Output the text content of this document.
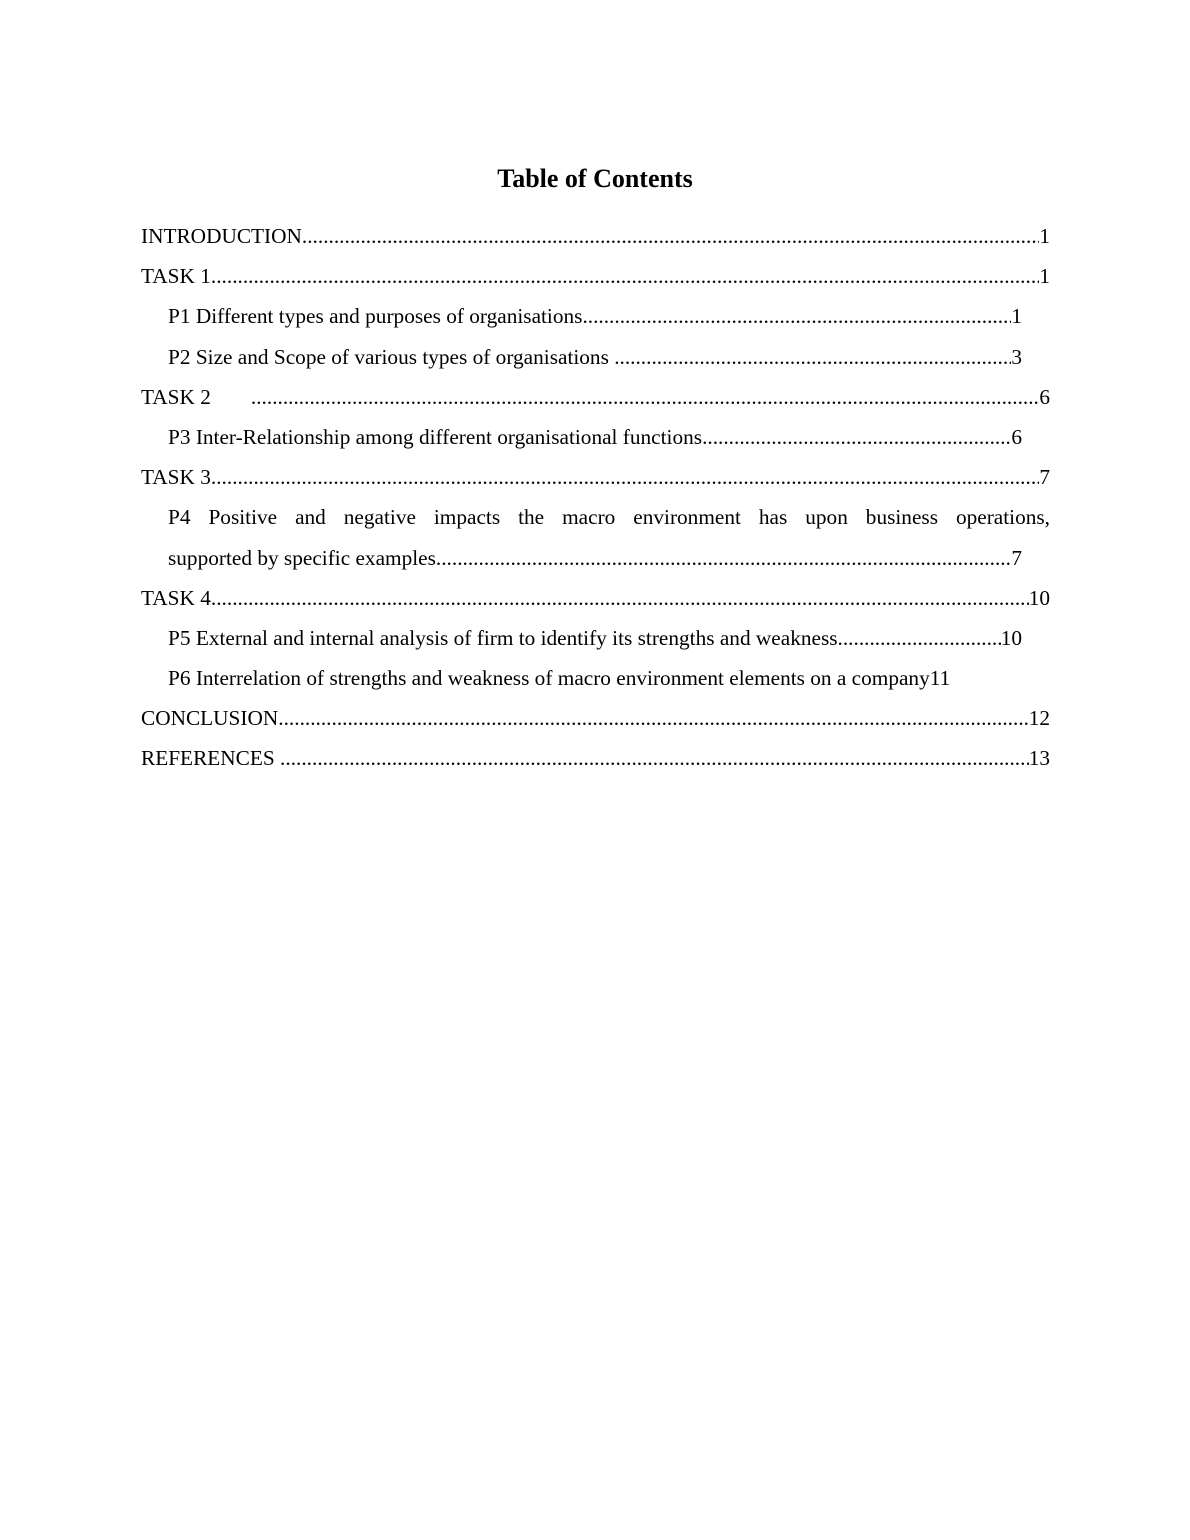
Table of Contents
INTRODUCTION .....	1
TASK 1 .....	1
P1 Different types and purposes of organisations .....	1
P2 Size and Scope of various types of organisations .....	3
TASK 2 .....	6
P3 Inter-Relationship among different organisational functions .....	6
TASK 3 .....	7
P4 Positive and negative impacts the macro environment has upon business operations,
supported by specific examples .....	7
TASK 4 .....	10
P5 External and internal analysis of firm to identify its strengths and weakness .....	10
P6 Interrelation of strengths and weakness of macro environment elements on a company 11
CONCLUSION .....	12
REFERENCES .....	13
